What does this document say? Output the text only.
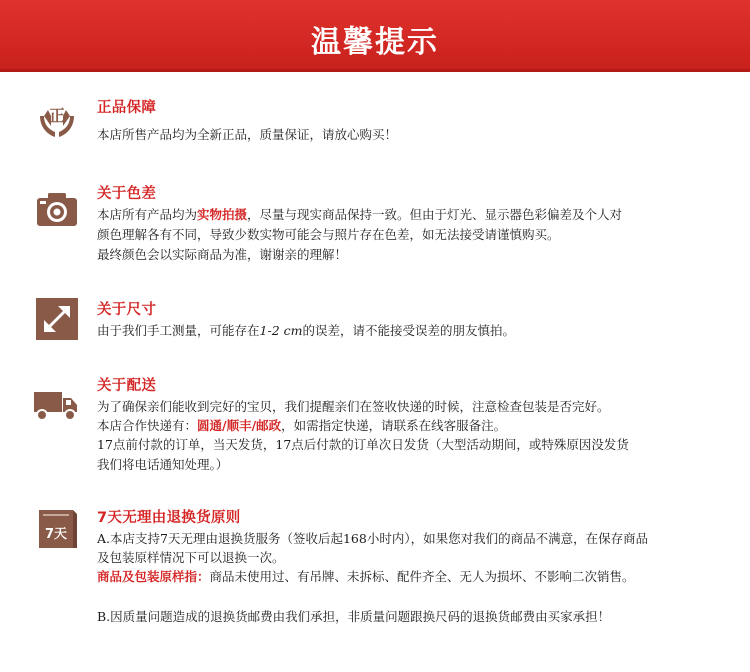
温馨提示
正 正品保障
本店所售产品均为全新正品，质量保证，请放心购买！
关于色差
本店所有产品均为实物拍摄，尽量与现实商品保持一致。但由于灯光、显示器色彩偏差及个人对
颜色理解各有不同，导致少数实物可能会与照片存在色差，如无法接受请谨慎购买。
最终颜色会以实际商品为准，谢谢亲的理解！
关于尺寸
由于我们手工测量，可能存在1-2 cm的误差，请不能接受误差的朋友慎拍。
关于配送
为了确保亲们能收到完好的宝贝，我们提醒亲们在签收快递的时候，注意检查包装是否完好。
本店合作快递有：圆通/顺丰/邮政，如需指定快递，请联系在线客服备注。
17点前付款的订单，当天发货，17点后付款的订单次日发货（大型活动期间，或特殊原因没发货
我们将电话通知处理。）
7天
7天无理由退换货原则
A.本店支持7天无理由退换货服务（签收后起168小时内），如果您对我们的商品不满意，在保存商品
及包装原样情况下可以退换一次。
商品及包装原样指：商品未使用过、有吊牌、未拆标、配件齐全、无人为损坏、不影响二次销售。
B.因质量问题造成的退换货邮费由我们承担，非质量问题跟换尺码的退换货邮费由买家承担！
